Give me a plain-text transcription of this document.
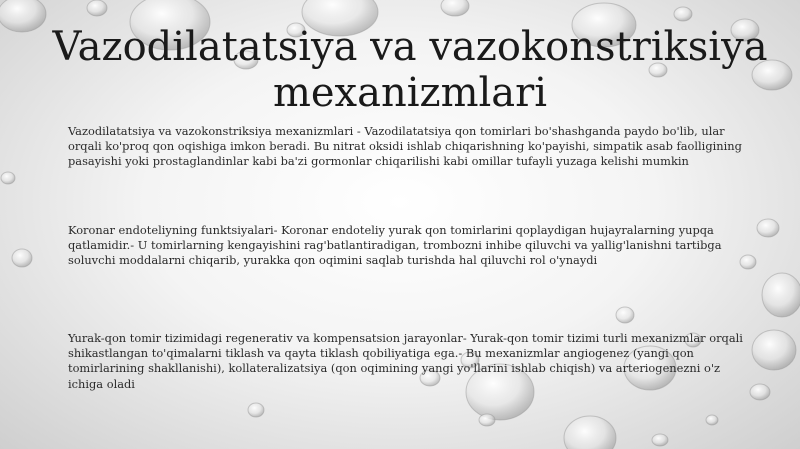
Vazodilatatsiya va vazokonstriksiya mexanizmlari

Vazodilatatsiya va vazokonstriksiya mexanizmlari - Vazodilatatsiya qon tomirlari bo'shashganda paydo bo'lib, ular orqali ko'proq qon oqishiga imkon beradi. Bu nitrat oksidi ishlab chiqarishning ko'payishi, simpatik asab faolligining pasayishi yoki prostaglandinlar kabi ba'zi gormonlar chiqarilishi kabi omillar tufayli yuzaga kelishi mumkin

Koronar endoteliyning funktsiyalari- Koronar endoteliy yurak qon tomirlarini qoplaydigan hujayralarning yupqa qatlamidir.- U tomirlarning kengayishini rag'batlantiradigan, trombozni inhibe qiluvchi va yallig'lanishni tartibga soluvchi moddalarni chiqarib, yurakka qon oqimini saqlab turishda hal qiluvchi rol o'ynaydi

Yurak-qon tomir tizimidagi regenerativ va kompensatsion jarayonlar- Yurak-qon tomir tizimi turli mexanizmlar orqali shikastlangan to'qimalarni tiklash va qayta tiklash qobiliyatiga ega.- Bu mexanizmlar angiogenez (yangi qon tomirlarining shakllanishi), kollateralizatsiya (qon oqimining yangi yo'llarini ishlab chiqish) va arteriogenezni o'z ichiga oladi
